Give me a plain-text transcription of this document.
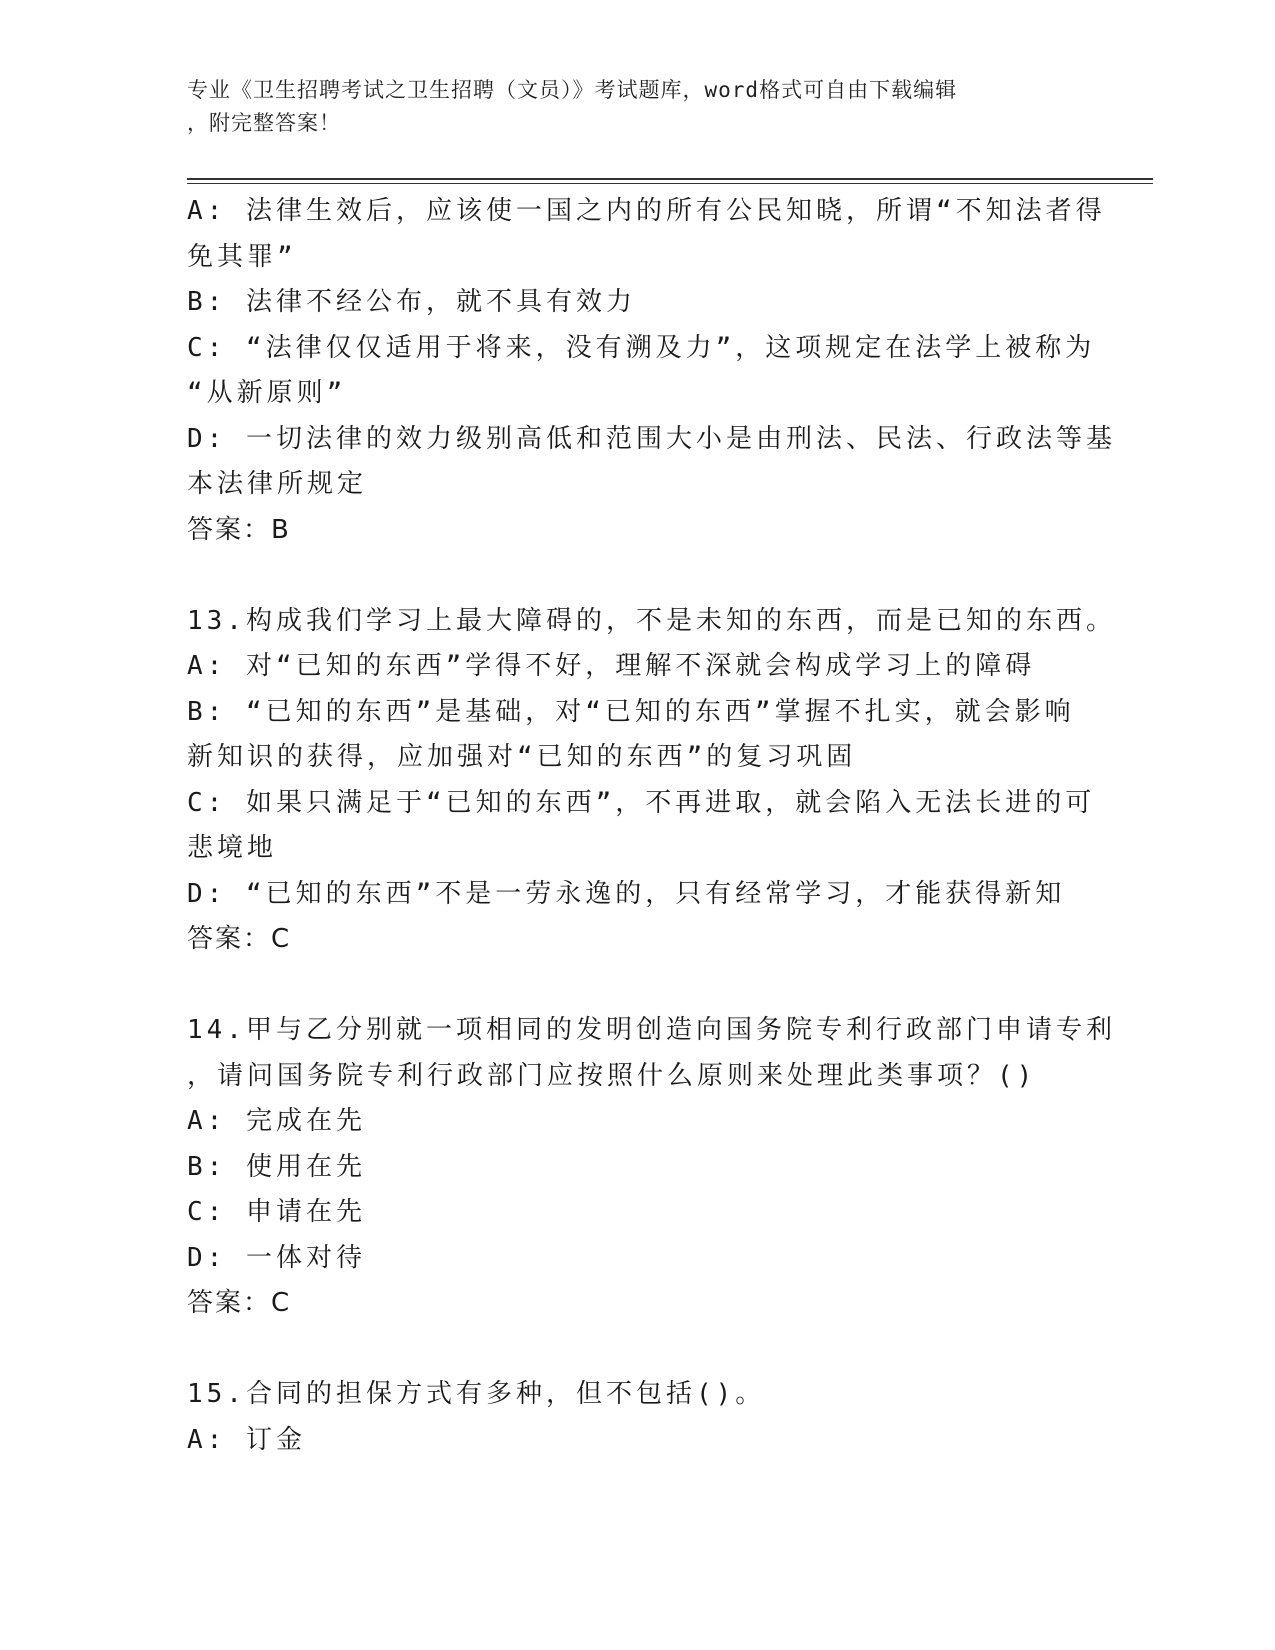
专业《卫生招聘考试之卫生招聘（文员）》考试题库，word格式可自由下载编辑
，附完整答案！
A: 法律生效后，应该使一国之内的所有公民知晓，所谓“不知法者得
免其罪”
B: 法律不经公布，就不具有效力
C: “法律仅仅适用于将来，没有溯及力”，这项规定在法学上被称为
“从新原则”
D: 一切法律的效力级别高低和范围大小是由刑法、民法、行政法等基
本法律所规定
答案：B
13.构成我们学习上最大障碍的，不是未知的东西，而是已知的东西。
A: 对“已知的东西”学得不好，理解不深就会构成学习上的障碍
B: “已知的东西”是基础，对“已知的东西”掌握不扎实，就会影响
新知识的获得，应加强对“已知的东西”的复习巩固
C: 如果只满足于“已知的东西”，不再进取，就会陷入无法长进的可
悲境地
D: “已知的东西”不是一劳永逸的，只有经常学习，才能获得新知
答案：C
14.甲与乙分别就一项相同的发明创造向国务院专利行政部门申请专利
，请问国务院专利行政部门应按照什么原则来处理此类事项？()
A: 完成在先
B: 使用在先
C: 申请在先
D: 一体对待
答案：C
15.合同的担保方式有多种，但不包括()。
A: 订金
